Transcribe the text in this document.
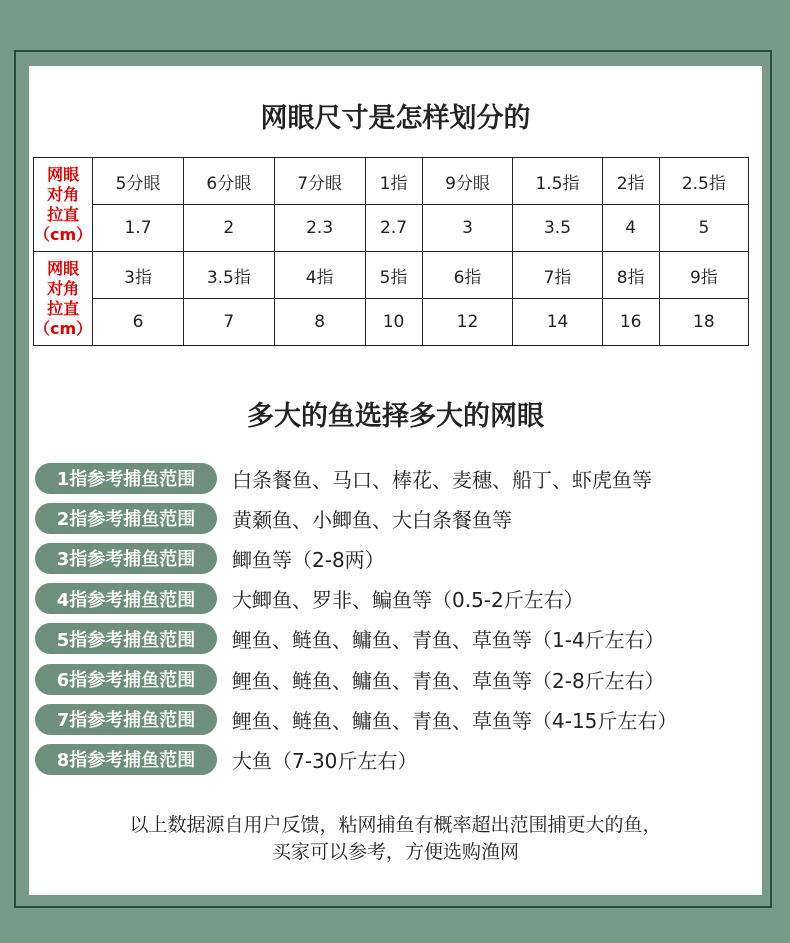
网眼尺寸是怎样划分的
网眼
对角
拉直
（cm）	5分眼	6分眼	7分眼	1指	9分眼	1.5指	2指	2.5指
	1.7	2	2.3	2.7	3	3.5	4	5

网眼
对角
拉直
（cm）	3指	3.5指	4指	5指	6指	7指	8指	9指
	6	7	8	10	12	14	16	18
多大的鱼选择多大的网眼
1指参考捕鱼范围	白条餐鱼、马口、棒花、麦穗、船丁、虾虎鱼等
2指参考捕鱼范围	黄颡鱼、小鲫鱼、大白条餐鱼等
3指参考捕鱼范围	鲫鱼等（2-8两）
4指参考捕鱼范围	大鲫鱼、罗非、鳊鱼等（0.5-2斤左右）
5指参考捕鱼范围	鲤鱼、鲢鱼、鳙鱼、青鱼、草鱼等（1-4斤左右）
6指参考捕鱼范围	鲤鱼、鲢鱼、鳙鱼、青鱼、草鱼等（2-8斤左右）
7指参考捕鱼范围	鲤鱼、鲢鱼、鳙鱼、青鱼、草鱼等（4-15斤左右）
8指参考捕鱼范围	大鱼（7-30斤左右）
以上数据源自用户反馈，粘网捕鱼有概率超出范围捕更大的鱼，
买家可以参考，方便选购渔网
